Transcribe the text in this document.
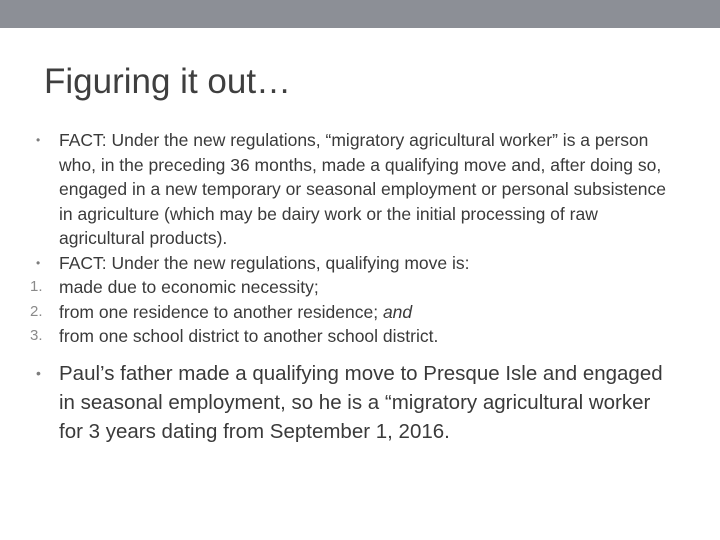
Figuring it out…
• FACT: Under the new regulations, “migratory agricultural worker” is a person who, in the preceding 36 months, made a qualifying move and, after doing so, engaged in a new temporary or seasonal employment or personal subsistence in agriculture (which may be dairy work or the initial processing of raw agricultural products).
• FACT: Under the new regulations, qualifying move is:
1. made due to economic necessity;
2. from one residence to another residence; and
3. from one school district to another school district.
• Paul’s father made a qualifying move to Presque Isle and engaged in seasonal employment, so he is a “migratory agricultural worker for 3 years dating from September 1, 2016.
